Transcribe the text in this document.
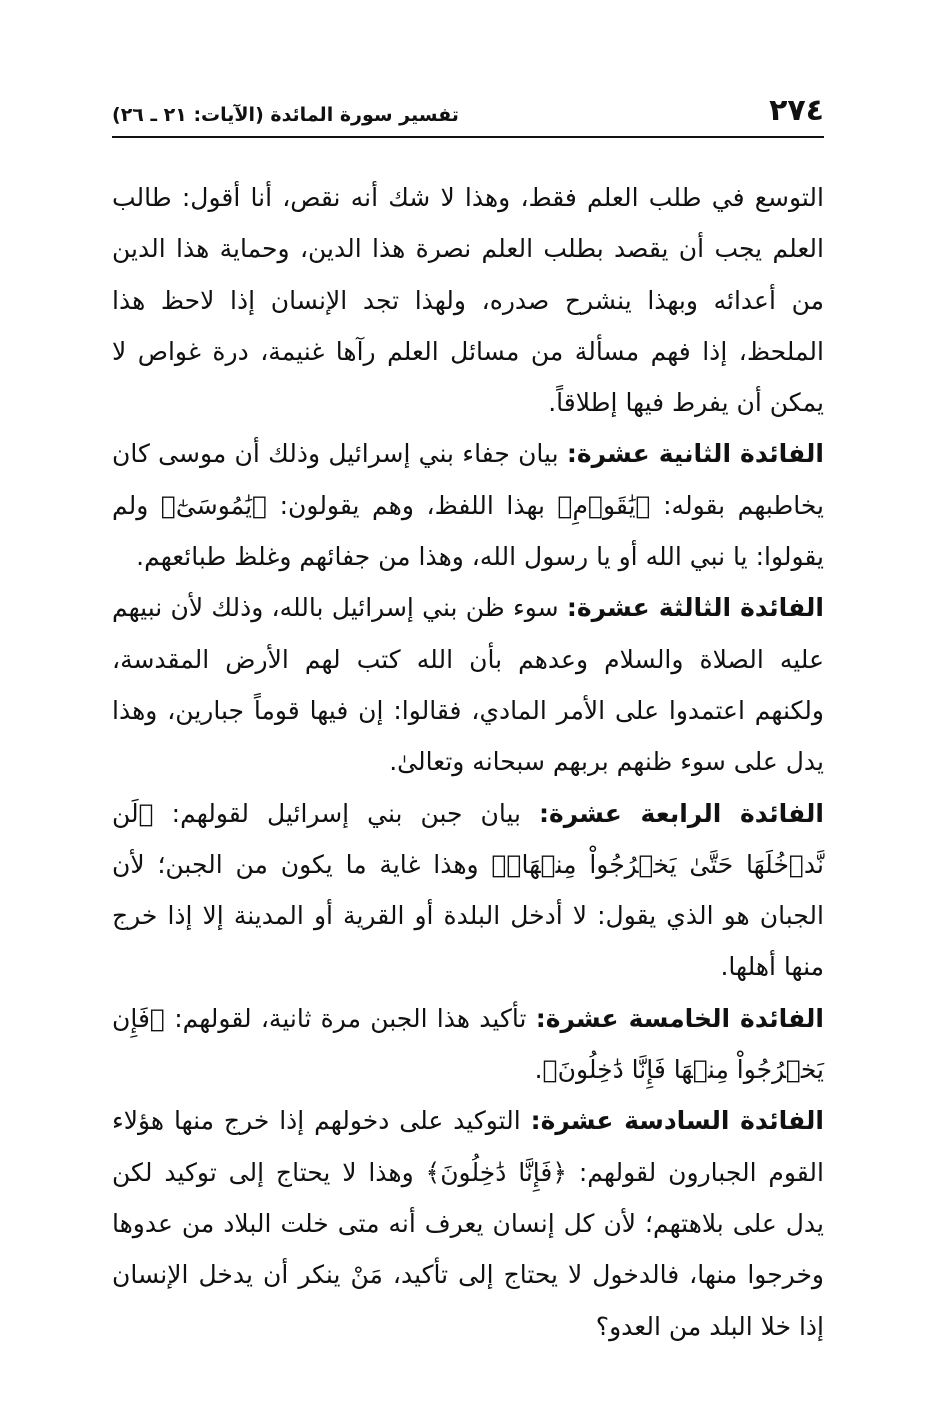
٢٧٤
تفسير سورة المائدة (الآيات: ٢١ ـ ٢٦)

التوسع في طلب العلم فقط، وهذا لا شك أنه نقص، أنا أقول: طالب العلم يجب أن يقصد بطلب العلم نصرة هذا الدين، وحماية هذا الدين من أعدائه وبهذا ينشرح صدره، ولهذا تجد الإنسان إذا لاحظ هذا الملحظ، إذا فهم مسألة من مسائل العلم رآها غنيمة، درة غواص لا يمكن أن يفرط فيها إطلاقاً.

الفائدة الثانية عشرة: بيان جفاء بني إسرائيل وذلك أن موسى كان يخاطبهم بقوله: ﴿يَٰقَوۡمِ﴾ بهذا اللفظ، وهم يقولون: ﴿يَٰمُوسَىٰٓ﴾ ولم يقولوا: يا نبي الله أو يا رسول الله، وهذا من جفائهم وغلظ طبائعهم.

الفائدة الثالثة عشرة: سوء ظن بني إسرائيل بالله، وذلك لأن نبيهم عليه الصلاة والسلام وعدهم بأن الله كتب لهم الأرض المقدسة، ولكنهم اعتمدوا على الأمر المادي، فقالوا: إن فيها قوماً جبارين، وهذا يدل على سوء ظنهم بربهم سبحانه وتعالىٰ.

الفائدة الرابعة عشرة: بيان جبن بني إسرائيل لقولهم: ﴿لَن نَّدۡخُلَهَا حَتَّىٰ يَخۡرُجُواْ مِنۡهَاۖ﴾ وهذا غاية ما يكون من الجبن؛ لأن الجبان هو الذي يقول: لا أدخل البلدة أو القرية أو المدينة إلا إذا خرج منها أهلها.

الفائدة الخامسة عشرة: تأكيد هذا الجبن مرة ثانية، لقولهم: ﴿فَإِن يَخۡرُجُواْ مِنۡهَا فَإِنَّا دَٰخِلُونَ﴾.

الفائدة السادسة عشرة: التوكيد على دخولهم إذا خرج منها هؤلاء القوم الجبارون لقولهم: ﴿فَإِنَّا دَٰخِلُونَ﴾ وهذا لا يحتاج إلى توكيد لكن يدل على بلاهتهم؛ لأن كل إنسان يعرف أنه متى خلت البلاد من عدوها وخرجوا منها، فالدخول لا يحتاج إلى تأكيد، مَنْ ينكر أن يدخل الإنسان إذا خلا البلد من العدو؟
